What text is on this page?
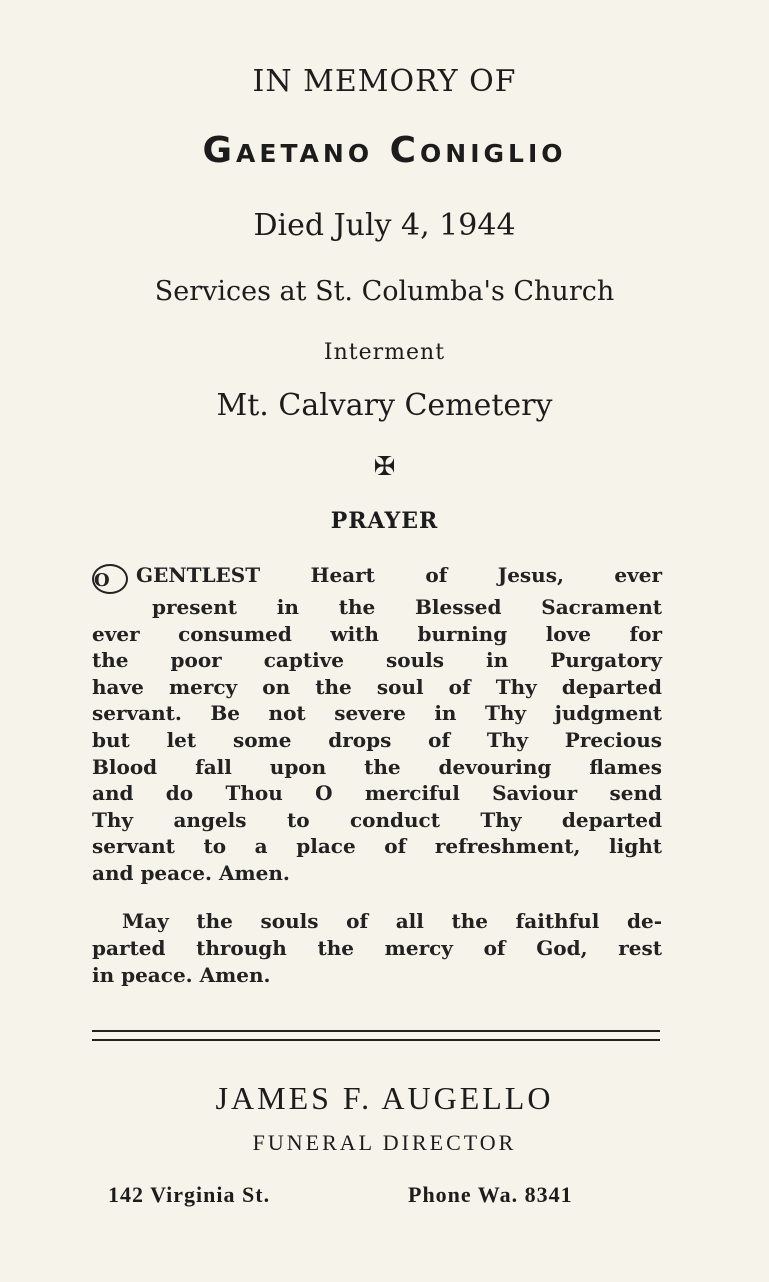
IN MEMORY OF
Gaetano Coniglio
Died July 4, 1944
Services at St. Columba's Church
Interment
Mt. Calvary Cemetery
✠
PRAYER
O GENTLEST Heart of Jesus, ever
present in the Blessed Sacrament
ever consumed with burning love for
the poor captive souls in Purgatory
have mercy on the soul of Thy departed
servant. Be not severe in Thy judgment
but let some drops of Thy Precious
Blood fall upon the devouring flames
and do Thou O merciful Saviour send
Thy angels to conduct Thy departed
servant to a place of refreshment, light
and peace. Amen.
May the souls of all the faithful de-
parted through the mercy of God, rest
in peace. Amen.
JAMES F. AUGELLO
FUNERAL DIRECTOR
142 Virginia St.	Phone Wa. 8341
